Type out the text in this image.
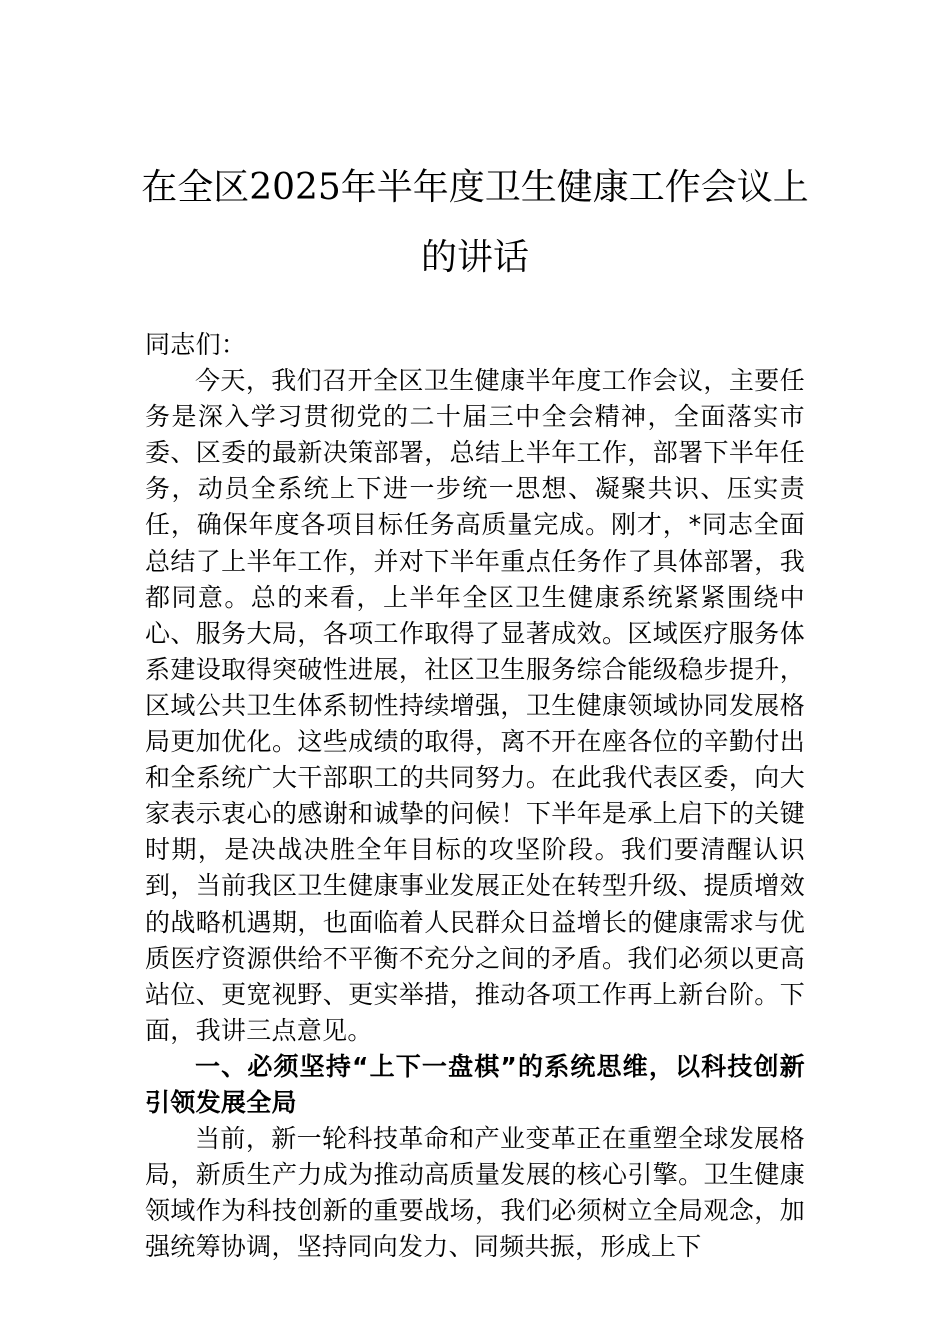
在全区2025年半年度卫生健康工作会议上
的讲话

同志们：

今天，我们召开全区卫生健康半年度工作会议，主要任务是深入学习贯彻党的二十届三中全会精神，全面落实市委、区委的最新决策部署，总结上半年工作，部署下半年任务，动员全系统上下进一步统一思想、凝聚共识、压实责任，确保年度各项目标任务高质量完成。刚才，*同志全面总结了上半年工作，并对下半年重点任务作了具体部署，我都同意。总的来看，上半年全区卫生健康系统紧紧围绕中心、服务大局，各项工作取得了显著成效。区域医疗服务体系建设取得突破性进展，社区卫生服务综合能级稳步提升，区域公共卫生体系韧性持续增强，卫生健康领域协同发展格局更加优化。这些成绩的取得，离不开在座各位的辛勤付出和全系统广大干部职工的共同努力。在此我代表区委，向大家表示衷心的感谢和诚挚的问候！下半年是承上启下的关键时期，是决战决胜全年目标的攻坚阶段。我们要清醒认识到，当前我区卫生健康事业发展正处在转型升级、提质增效的战略机遇期，也面临着人民群众日益增长的健康需求与优质医疗资源供给不平衡不充分之间的矛盾。我们必须以更高站位、更宽视野、更实举措，推动各项工作再上新台阶。下面，我讲三点意见。

一、必须坚持“上下一盘棋”的系统思维，以科技创新引领发展全局

当前，新一轮科技革命和产业变革正在重塑全球发展格局，新质生产力成为推动高质量发展的核心引擎。卫生健康领域作为科技创新的重要战场，我们必须树立全局观念，加强统筹协调，坚持同向发力、同频共振，形成上下
